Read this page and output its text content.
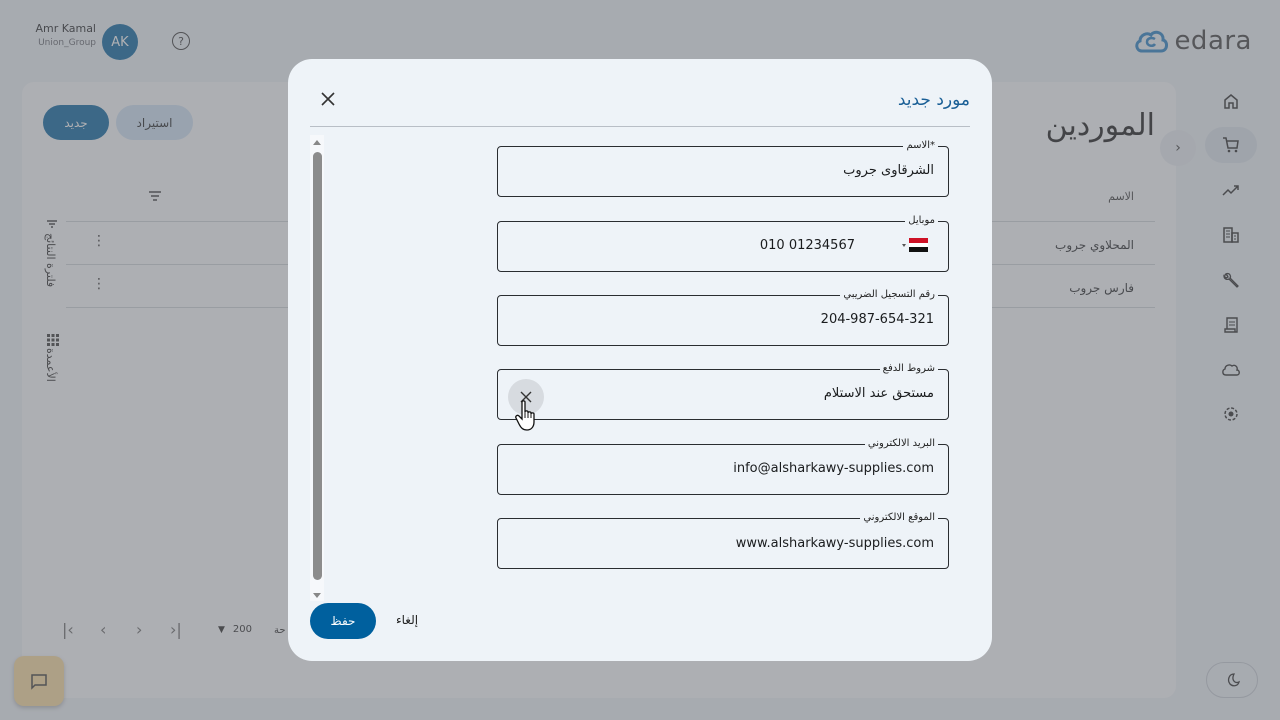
مورد جديد
الاسم*
الشرقاوى جروب
موبايل
010 01234567
رقم التسجيل الضريبي
204-987-654-321
شروط الدفع
مستحق عند الاستلام
البريد الالكتروني
info@alsharkawy-supplies.com
الموقع الالكتروني
www.alsharkawy-supplies.com
حفظ	إلغاء
